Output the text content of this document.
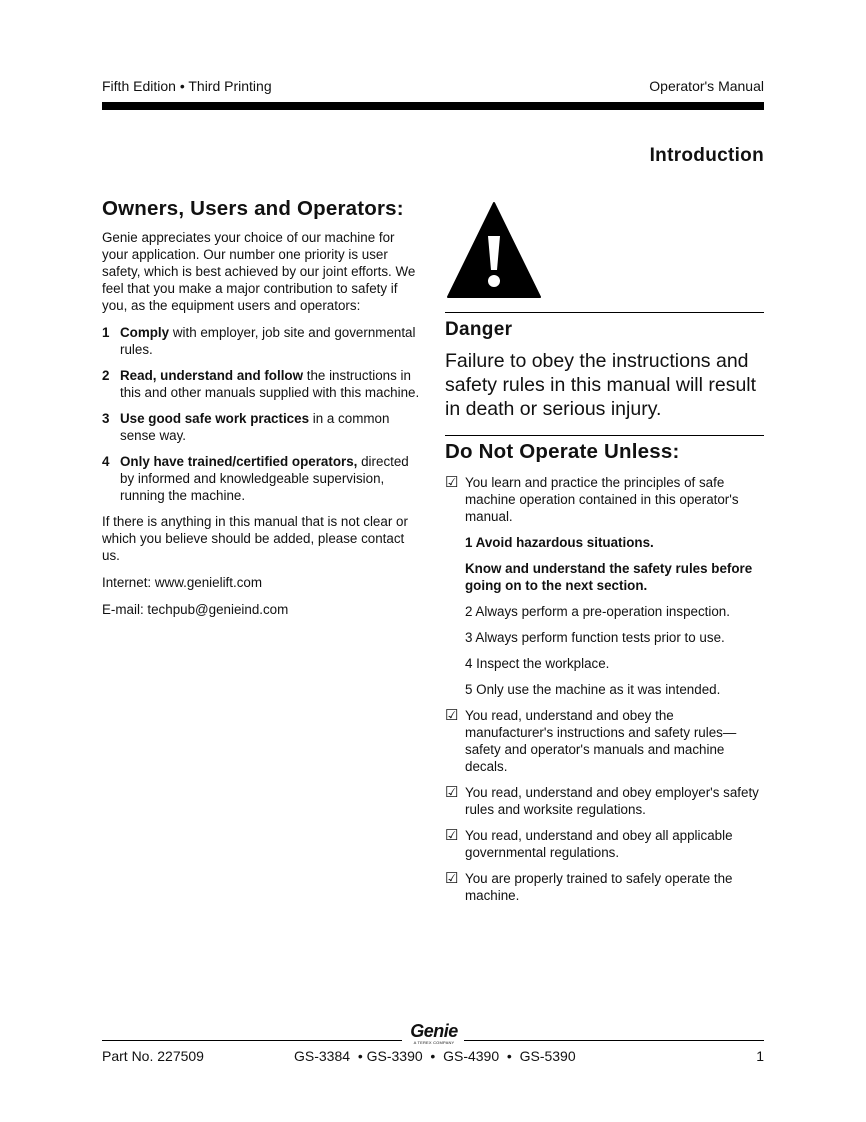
Fifth Edition • Third Printing	Operator's Manual
Introduction
Owners, Users and Operators:

Genie appreciates your choice of our machine for your application. Our number one priority is user safety, which is best achieved by our joint efforts. We feel that you make a major contribution to safety if you, as the equipment users and operators:

1 Comply with employer, job site and governmental rules.
2 Read, understand and follow the instructions in this and other manuals supplied with this machine.
3 Use good safe work practices in a common sense way.
4 Only have trained/certified operators, directed by informed and knowledgeable supervision, running the machine.

If there is anything in this manual that is not clear or which you believe should be added, please contact us.

Internet: www.genielift.com

E-mail: techpub@genieind.com

Danger
Failure to obey the instructions and safety rules in this manual will result in death or serious injury.
Do Not Operate Unless:
☑ You learn and practice the principles of safe machine operation contained in this operator's manual.
1 Avoid hazardous situations.
Know and understand the safety rules before going on to the next section.
2 Always perform a pre-operation inspection.
3 Always perform function tests prior to use.
4 Inspect the workplace.
5 Only use the machine as it was intended.
☑ You read, understand and obey the manufacturer's instructions and safety rules—safety and operator's manuals and machine decals.
☑ You read, understand and obey employer's safety rules and worksite regulations.
☑ You read, understand and obey all applicable governmental regulations.
☑ You are properly trained to safely operate the machine.
Genie
A TEREX COMPANY
Part No. 227509	GS-3384  • GS-3390  •  GS-4390  •  GS-5390	1
